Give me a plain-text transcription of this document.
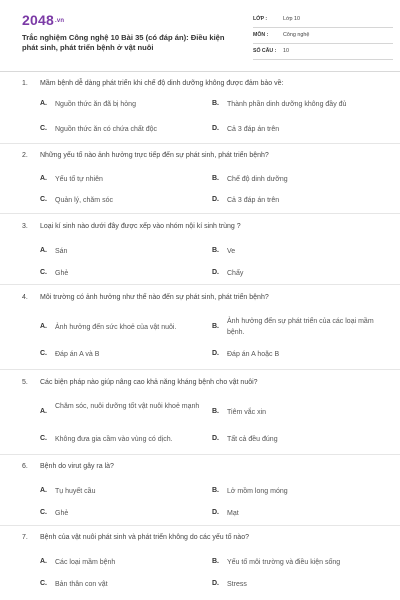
2048.vn
Trắc nghiệm Công nghệ 10 Bài 35 (có đáp án): Điều kiện phát sinh, phát triển bệnh ở vật nuôi
LỚP :	Lớp 10
MÔN :	Công nghệ
SỐ CÂU : 10
1. Mầm bệnh dễ dàng phát triển khi chế độ dinh dưỡng không được đảm bảo về:
A. Nguồn thức ăn đã bị hỏng	B. Thành phần dinh dưỡng không đầy đủ
C. Nguồn thức ăn có chứa chất độc	D. Cả 3 đáp án trên
2. Những yếu tố nào ảnh hưởng trực tiếp đến sự phát sinh, phát triển bệnh?
A. Yếu tố tự nhiên	B. Chế độ dinh dưỡng
C. Quản lý, chăm sóc	D. Cả 3 đáp án trên
3. Loại kí sinh nào dưới đây được xếp vào nhóm nội kí sinh trùng ?
A. Sán	B. Ve
C. Ghẻ	D. Chấy
4. Môi trường có ảnh hưởng như thế nào đến sự phát sinh, phát triển bệnh?
A. Ảnh hưởng đến sức khoẻ của vật nuôi.	B.
Ảnh hưởng đến sự phát triển của các loại mầm bệnh.
C. Đáp án A và B	D. Đáp án A hoặc B
5. Các biện pháp nào giúp nâng cao khả năng kháng bệnh cho vật nuôi?
A.
Chăm sóc, nuôi dưỡng tốt vật nuôi khoẻ mạnh
B. Tiêm vắc xin
C. Không đưa gia cầm vào vùng có dịch.	D. Tất cả đều đúng
6. Bệnh do virut gây ra là?
A. Tụ huyết cầu	B. Lở mồm long móng
C. Ghẻ	D. Mạt
7. Bệnh của vật nuôi phát sinh và phát triển không do các yếu tố nào?
A. Các loại mầm bệnh	B. Yếu tố môi trường và điều kiện sống
C. Bản thân con vật	D. Stress
